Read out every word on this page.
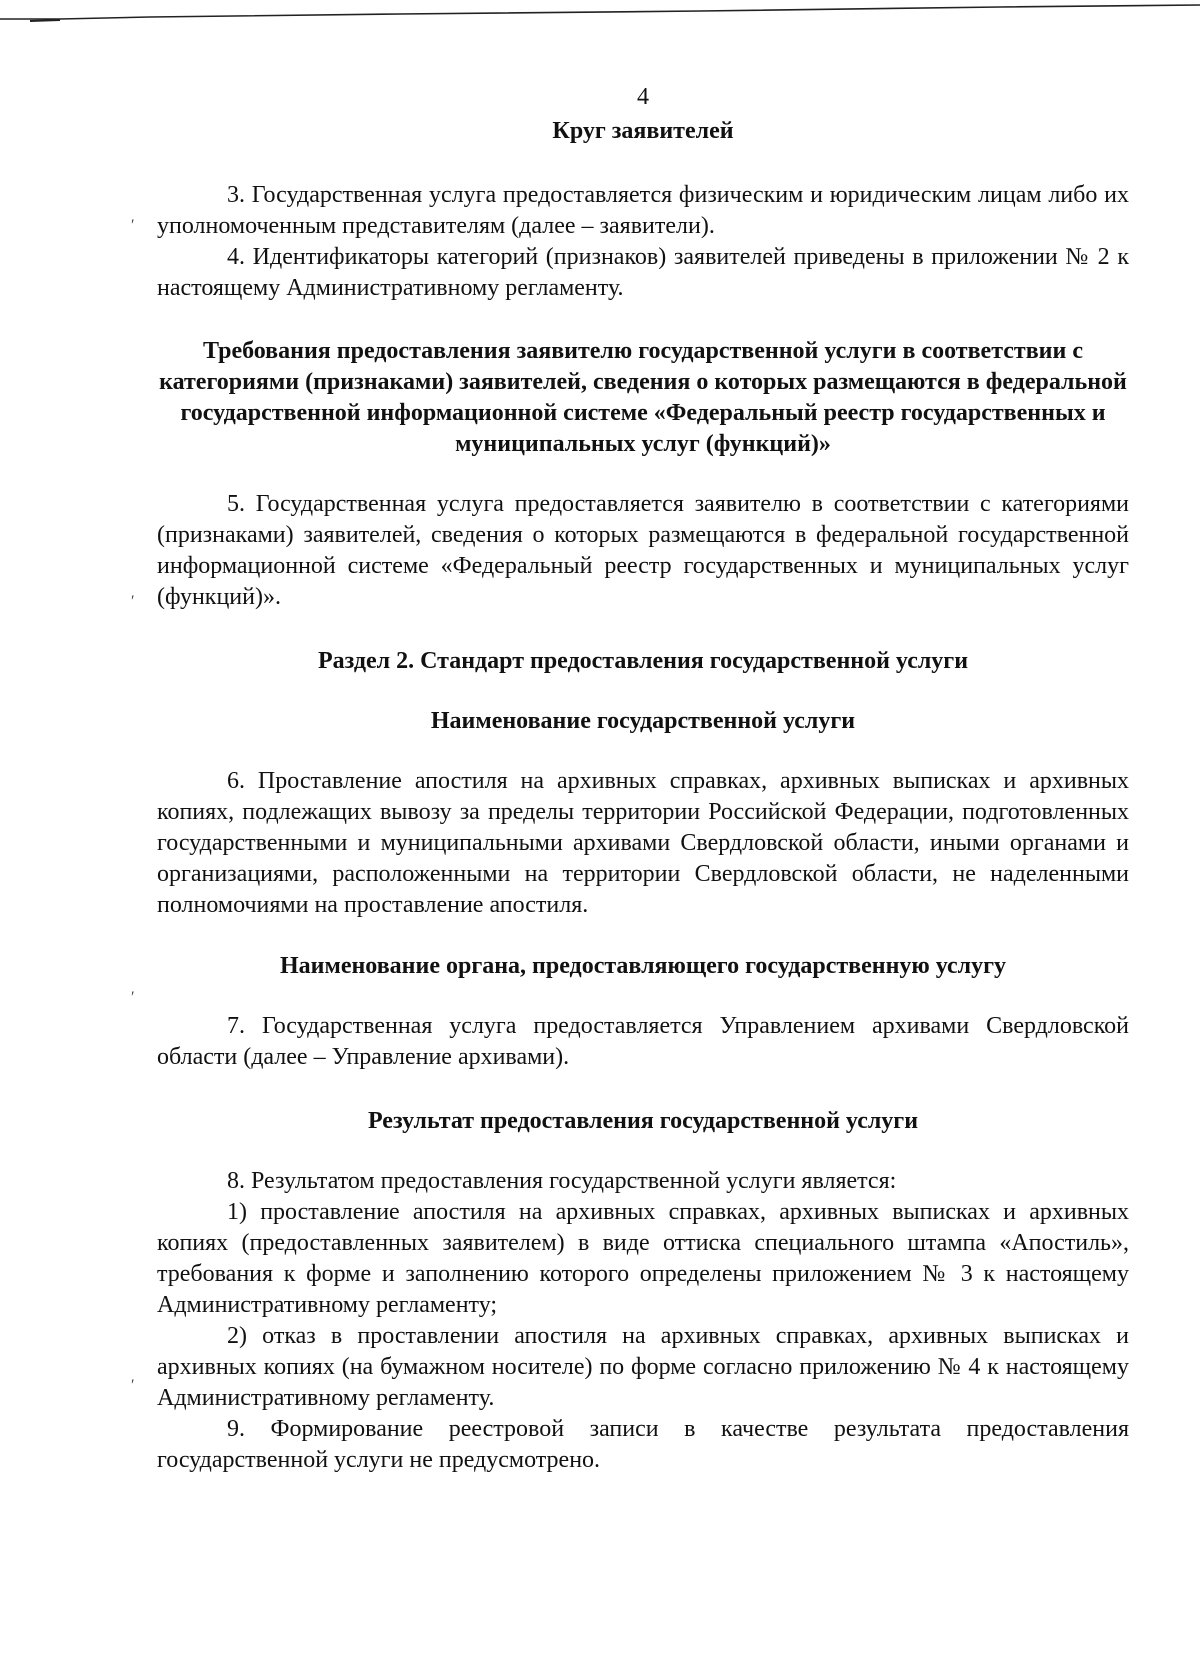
′
′
′
′

4

Круг заявителей

3. Государственная услуга предоставляется физическим и юридическим лицам либо их уполномоченным представителям (далее – заявители).

4. Идентификаторы категорий (признаков) заявителей приведены в приложении № 2 к настоящему Административному регламенту.

Требования предоставления заявителю государственной услуги в соответствии с категориями (признаками) заявителей, сведения о которых размещаются в федеральной государственной информационной системе «Федеральный реестр государственных и муниципальных услуг (функций)»

5. Государственная услуга предоставляется заявителю в соответствии с категориями (признаками) заявителей, сведения о которых размещаются в федеральной государственной информационной системе «Федеральный реестр государственных и муниципальных услуг (функций)».

Раздел 2. Стандарт предоставления государственной услуги

Наименование государственной услуги

6. Проставление апостиля на архивных справках, архивных выписках и архивных копиях, подлежащих вывозу за пределы территории Российской Федерации, подготовленных государственными и муниципальными архивами Свердловской области, иными органами и организациями, расположенными на территории Свердловской области, не наделенными полномочиями на проставление апостиля.

Наименование органа, предоставляющего государственную услугу

7. Государственная услуга предоставляется Управлением архивами Свердловской области (далее – Управление архивами).

Результат предоставления государственной услуги

8. Результатом предоставления государственной услуги является:

1) проставление апостиля на архивных справках, архивных выписках и архивных копиях (предоставленных заявителем) в виде оттиска специального штампа «Апостиль», требования к форме и заполнению которого определены приложением № 3 к настоящему Административному регламенту;

2) отказ в проставлении апостиля на архивных справках, архивных выписках и архивных копиях (на бумажном носителе) по форме согласно приложению № 4 к настоящему Административному регламенту.

9. Формирование реестровой записи в качестве результата предоставления государственной услуги не предусмотрено.
